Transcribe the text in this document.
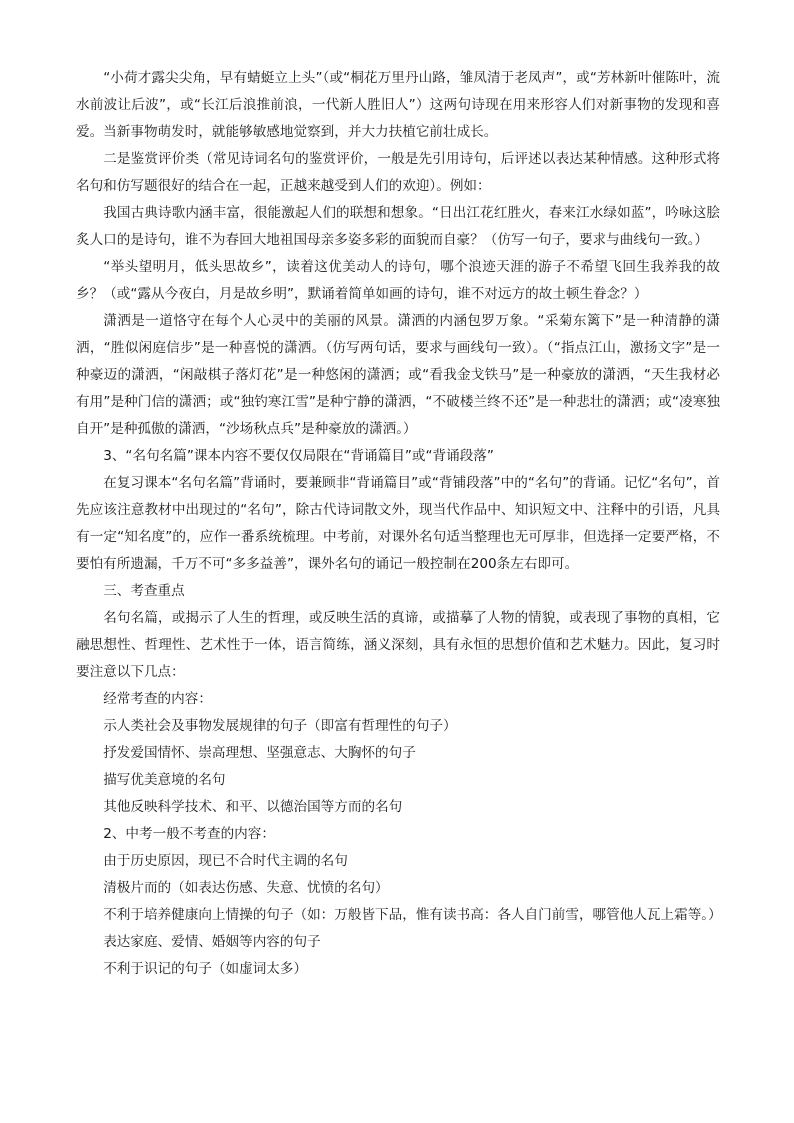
“小荷才露尖尖角，早有蜻蜓立上头”（或“桐花万里丹山路，雏凤清于老凤声”，或“芳林新叶催陈叶，流水前波让后波”，或“长江后浪推前浪，一代新人胜旧人”）这两句诗现在用来形容人们对新事物的发现和喜爱。当新事物萌发时，就能够敏感地觉察到，并大力扶植它前壮成长。

二是鉴赏评价类（常见诗词名句的鉴赏评价，一般是先引用诗句，后评述以表达某种情感。这种形式将名句和仿写题很好的结合在一起，正越来越受到人们的欢迎）。例如：

我国古典诗歌内涵丰富，很能激起人们的联想和想象。“日出江花红胜火，春来江水绿如蓝”，吟咏这脍炙人口的是诗句，谁不为春回大地祖国母亲多姿多彩的面貌而自豪？（仿写一句子，要求与曲线句一致。）

“举头望明月，低头思故乡”，读着这优美动人的诗句，哪个浪迹天涯的游子不希望飞回生我养我的故乡？（或“露从今夜白，月是故乡明”，默诵着简单如画的诗句，谁不对远方的故土顿生眷念？）

潇洒是一道恪守在每个人心灵中的美丽的风景。潇洒的内涵包罗万象。“采菊东篱下”是一种清静的潇洒，“胜似闲庭信步”是一种喜悦的潇洒。（仿写两句话，要求与画线句一致）。（“指点江山，激扬文字”是一种豪迈的潇洒，“闲敲棋子落灯花”是一种悠闲的潇洒；或“看我金戈铁马”是一种豪放的潇洒，“天生我材必有用”是种门信的潇洒；或“独钓寒江雪”是种宁静的潇洒，“不破楼兰终不还”是一种悲壮的潇洒；或“凌寒独自开”是种孤傲的潇洒，“沙场秋点兵”是种豪放的潇洒。）

3、“名句名篇”课本内容不要仅仅局限在“背诵篇目”或“背诵段落”

在复习课本“名句名篇”背诵时，要兼顾非“背诵篇目”或“背铺段落”中的“名句”的背诵。记忆“名句”，首先应该注意教材中出现过的“名句”，除古代诗词散文外，现当代作品中、知识短文中、注释中的引语，凡具有一定“知名度”的，应作一番系统梳理。中考前，对课外名句适当整理也无可厚非，但选择一定要严格，不要怕有所遗漏，千万不可“多多益善”，课外名句的诵记一般控制在200条左右即可。

三、考查重点

名句名篇，或揭示了人生的哲理，或反映生活的真谛，或描摹了人物的情貌，或表现了事物的真相，它融思想性、哲理性、艺术性于一体，语言简练，涵义深刻，具有永恒的思想价值和艺术魅力。因此，复习时要注意以下几点：

经常考查的内容：

示人类社会及事物发展规律的句子（即富有哲理性的句子）

抒发爱国情怀、崇高理想、坚强意志、大胸怀的句子

描写优美意境的名句

其他反映科学技术、和平、以德治国等方而的名句

2、中考一般不考查的内容：

由于历史原因，现已不合时代主调的名句

清极片而的（如表达伤感、失意、忧愤的名句）

不利于培养健康向上情操的句子（如：万般皆下品，惟有读书高：各人自门前雪，哪管他人瓦上霜等。）

表达家庭、爱情、婚姻等内容的句子

不利于识记的句子（如虚词太多）
